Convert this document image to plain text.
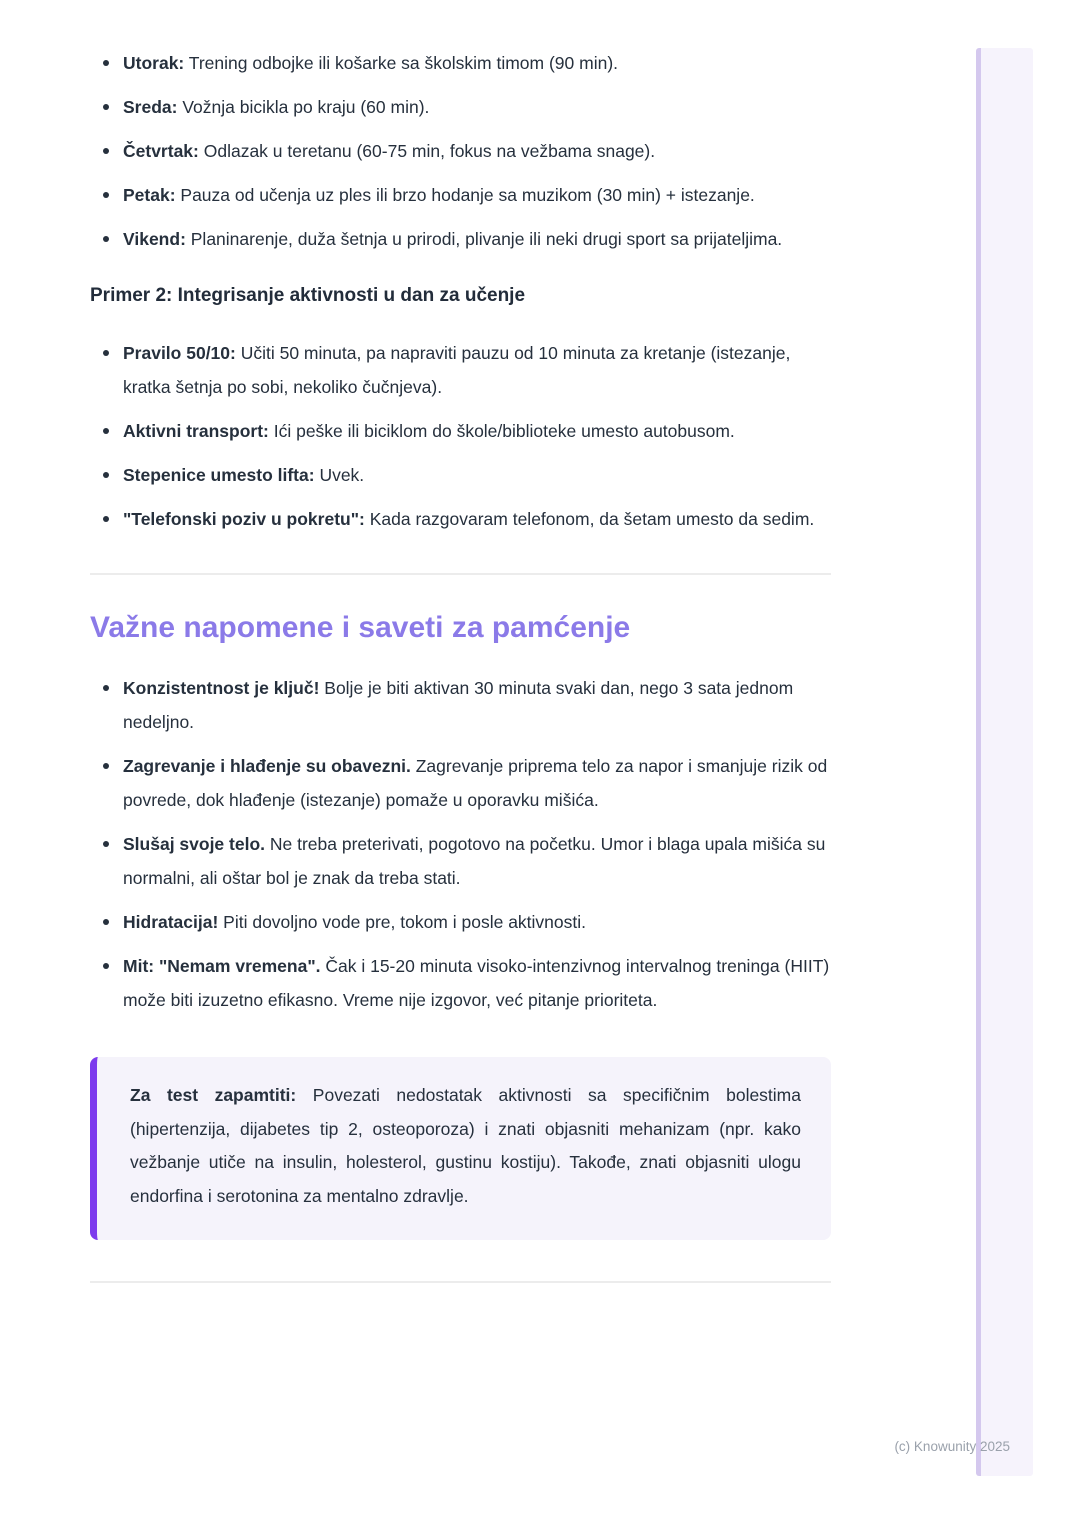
Utorak: Trening odbojke ili košarke sa školskim timom (90 min).
Sreda: Vožnja bicikla po kraju (60 min).
Četvrtak: Odlazak u teretanu (60-75 min, fokus na vežbama snage).
Petak: Pauza od učenja uz ples ili brzo hodanje sa muzikom (30 min) + istezanje.
Vikend: Planinarenje, duža šetnja u prirodi, plivanje ili neki drugi sport sa prijateljima.
Primer 2: Integrisanje aktivnosti u dan za učenje
Pravilo 50/10: Učiti 50 minuta, pa napraviti pauzu od 10 minuta za kretanje (istezanje, kratka šetnja po sobi, nekoliko čučnjeva).
Aktivni transport: Ići peške ili biciklom do škole/biblioteke umesto autobusom.
Stepenice umesto lifta: Uvek.
"Telefonski poziv u pokretu": Kada razgovaram telefonom, da šetam umesto da sedim.
Važne napomene i saveti za pamćenje
Konzistentnost je ključ! Bolje je biti aktivan 30 minuta svaki dan, nego 3 sata jednom nedeljno.
Zagrevanje i hlađenje su obavezni. Zagrevanje priprema telo za napor i smanjuje rizik od povrede, dok hlađenje (istezanje) pomaže u oporavku mišića.
Slušaj svoje telo. Ne treba preterivati, pogotovo na početku. Umor i blaga upala mišića su normalni, ali oštar bol je znak da treba stati.
Hidratacija! Piti dovoljno vode pre, tokom i posle aktivnosti.
Mit: "Nemam vremena". Čak i 15-20 minuta visoko-intenzivnog intervalnog treninga (HIIT) može biti izuzetno efikasno. Vreme nije izgovor, već pitanje prioriteta.

Za test zapamtiti: Povezati nedostatak aktivnosti sa specifičnim bolestima (hipertenzija, dijabetes tip 2, osteoporoza) i znati objasniti mehanizam (npr. kako vežbanje utiče na insulin, holesterol, gustinu kostiju). Takođe, znati objasniti ulogu endorfina i serotonina za mentalno zdravlje.

(c) Knowunity 2025
